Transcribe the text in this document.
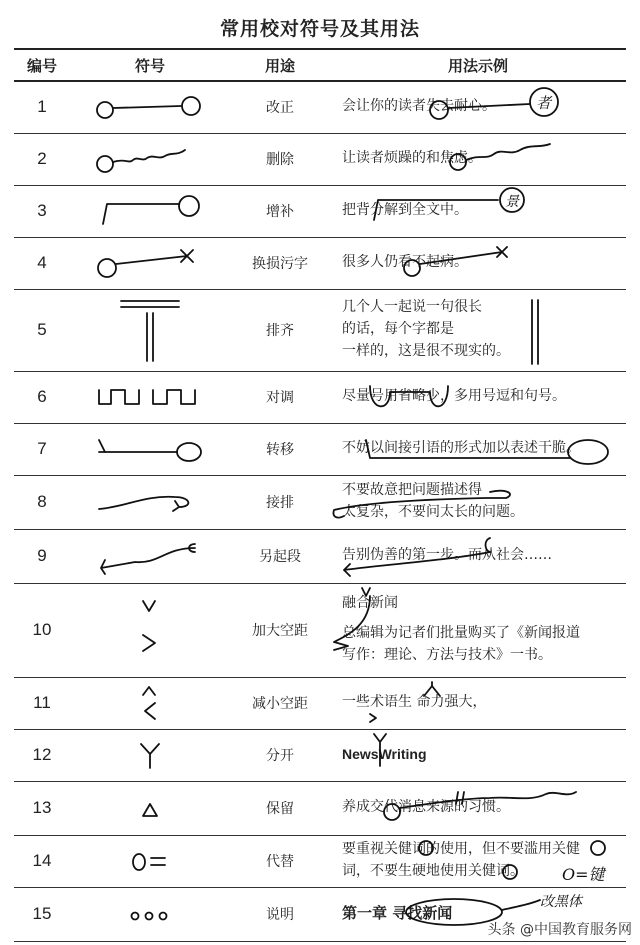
常用校对符号及其用法
编号	符号	用途	用法示例
1		改正	会让你的读者失去耐心。 者

2		删除	让读者烦躁的和焦虑。

3		增补	把背分解到全文中。
景

4		换损污字	很多人仍看不起病。

5		排齐	几个人一起说一句很长
的话，每个字都是
一样的，这是很不现实的。

6		对调	尽量号用省略少，多用号逗和句号。

7		转移	不妨以间接引语的形式加以表述干脆。

8		接排	不要故意把问题描述得
太复杂，不要问太长的问题。

9		另起段	告别伪善的第一步。而从社会……

10		加大空距	融合新闻
总编辑为记者们批量购买了《新闻报道
写作：理论、方法与技术》一书。

11		减小空距	一些术语生 命力强大，

12		分开	NewsWriting

13		保留	养成交代消息来源的习惯。

14		代替	要重视关健词的使用，但不要滥用关健
词，不要生硬地使用关健词。 O=键

15		说明	第一章 寻找新闻
改黑体
头条 @中国教育服务网
